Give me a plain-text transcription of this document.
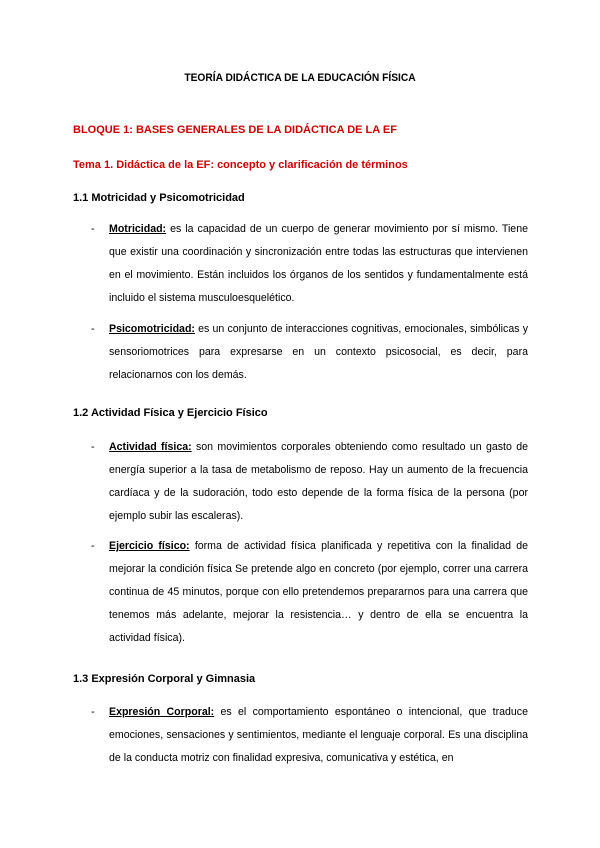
TEORÍA DIDÁCTICA DE LA EDUCACIÓN FÍSICA
BLOQUE 1: BASES GENERALES DE LA DIDÁCTICA DE LA EF
Tema 1. Didáctica de la EF: concepto y clarificación de términos
1.1 Motricidad y Psicomotricidad
- Motricidad: es la capacidad de un cuerpo de generar movimiento por sí mismo. Tiene que existir una coordinación y sincronización entre todas las estructuras que intervienen en el movimiento. Están incluidos los órganos de los sentidos y fundamentalmente está incluido el sistema musculoesquelético.
- Psicomotricidad: es un conjunto de interacciones cognitivas, emocionales, simbólicas y sensoriomotrices para expresarse en un contexto psicosocial, es decir, para relacionarnos con los demás.
1.2 Actividad Física y Ejercicio Físico
- Actividad física: son movimientos corporales obteniendo como resultado un gasto de energía superior a la tasa de metabolismo de reposo. Hay un aumento de la frecuencia cardíaca y de la sudoración, todo esto depende de la forma física de la persona (por ejemplo subir las escaleras).
- Ejercicio físico: forma de actividad física planificada y repetitiva con la finalidad de mejorar la condición física Se pretende algo en concreto (por ejemplo, correr una carrera continua de 45 minutos, porque con ello pretendemos prepararnos para una carrera que tenemos más adelante, mejorar la resistencia… y dentro de ella se encuentra la actividad física).
1.3 Expresión Corporal y Gimnasia
- Expresión Corporal: es el comportamiento espontáneo o intencional, que traduce emociones, sensaciones y sentimientos, mediante el lenguaje corporal. Es una disciplina de la conducta motriz con finalidad expresiva, comunicativa y estética, en
